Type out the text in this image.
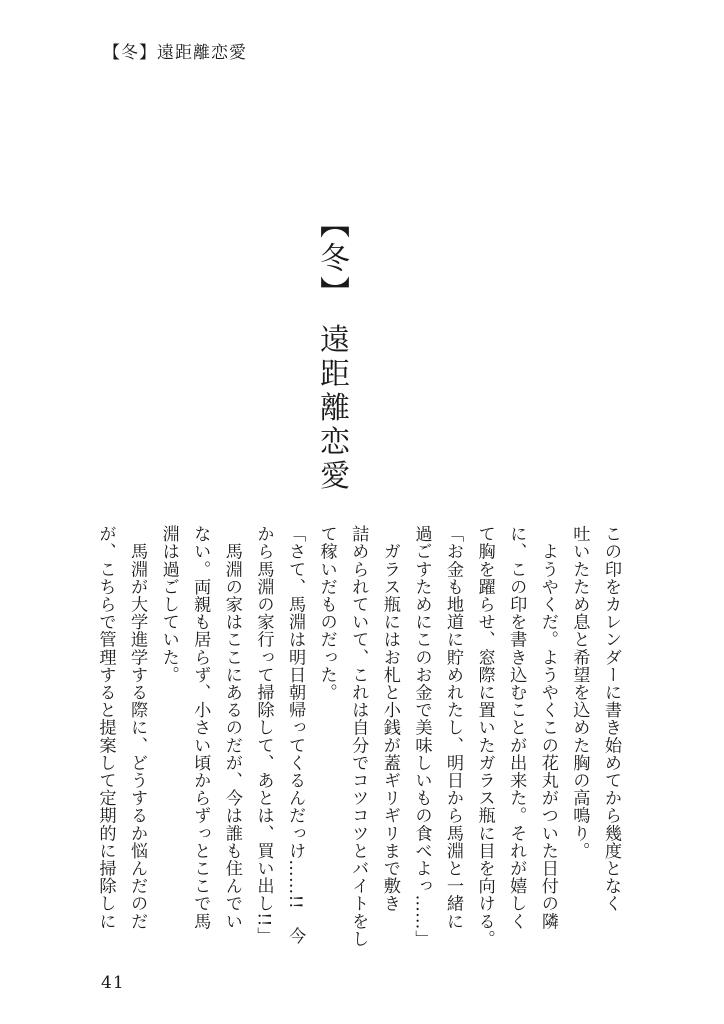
【冬】遠距離恋愛
【冬】 遠距離恋愛

この印をカレンダーに書き始めてから幾度となく
吐いたため息と希望を込めた胸の高鳴り。

　ようやくだ。ようやくこの花丸がついた日付の隣
に、この印を書き込むことが出来た。それが嬉しく
て胸を躍らせ、窓際に置いたガラス瓶に目を向ける。

「お金も地道に貯めれたし、明日から馬淵と一緒に
過ごすためにこのお金で美味しいもの食べよっ……」

　ガラス瓶にはお札と小銭が蓋ギリギリまで敷き
詰められていて、これは自分でコツコツとバイトをし
て稼いだものだった。

「さて、馬淵は明日朝帰ってくるんだっけ……!!　今
から馬淵の家行って掃除して、あとは、買い出し!!」

　馬淵の家はここにあるのだが、今は誰も住んでい
ない。両親も居らず、小さい頃からずっとここで馬
淵は過ごしていた。

　馬淵が大学進学する際に、どうするか悩んだのだ
が、こちらで管理すると提案して定期的に掃除しに

41
